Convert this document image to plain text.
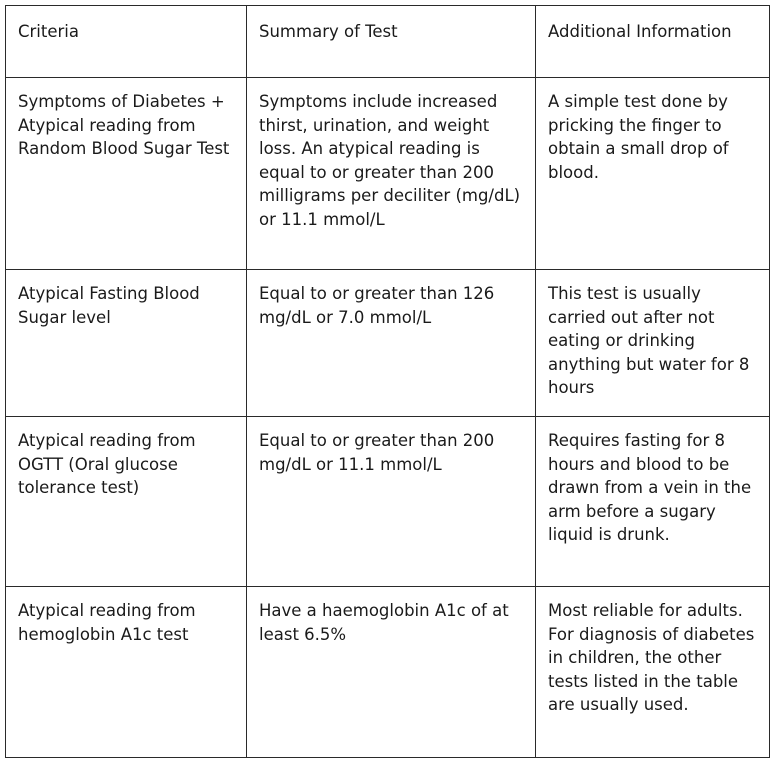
Criteria	Summary of Test	Additional Information
Symptoms of Diabetes + Atypical reading from Random Blood Sugar Test	Symptoms include increased thirst, urination, and weight loss. An atypical reading is equal to or greater than 200 milligrams per deciliter (mg/dL) or 11.1 mmol/L	A simple test done by pricking the finger to obtain a small drop of blood.
Atypical Fasting Blood Sugar level	Equal to or greater than 126 mg/dL or 7.0 mmol/L	This test is usually carried out after not eating or drinking anything but water for 8 hours
Atypical reading from OGTT (Oral glucose tolerance test)	Equal to or greater than 200 mg/dL or 11.1 mmol/L	Requires fasting for 8 hours and blood to be drawn from a vein in the arm before a sugary liquid is drunk.
Atypical reading from hemoglobin A1c test	Have a haemoglobin A1c of at least 6.5%	Most reliable for adults. For diagnosis of diabetes in children, the other tests listed in the table are usually used.
